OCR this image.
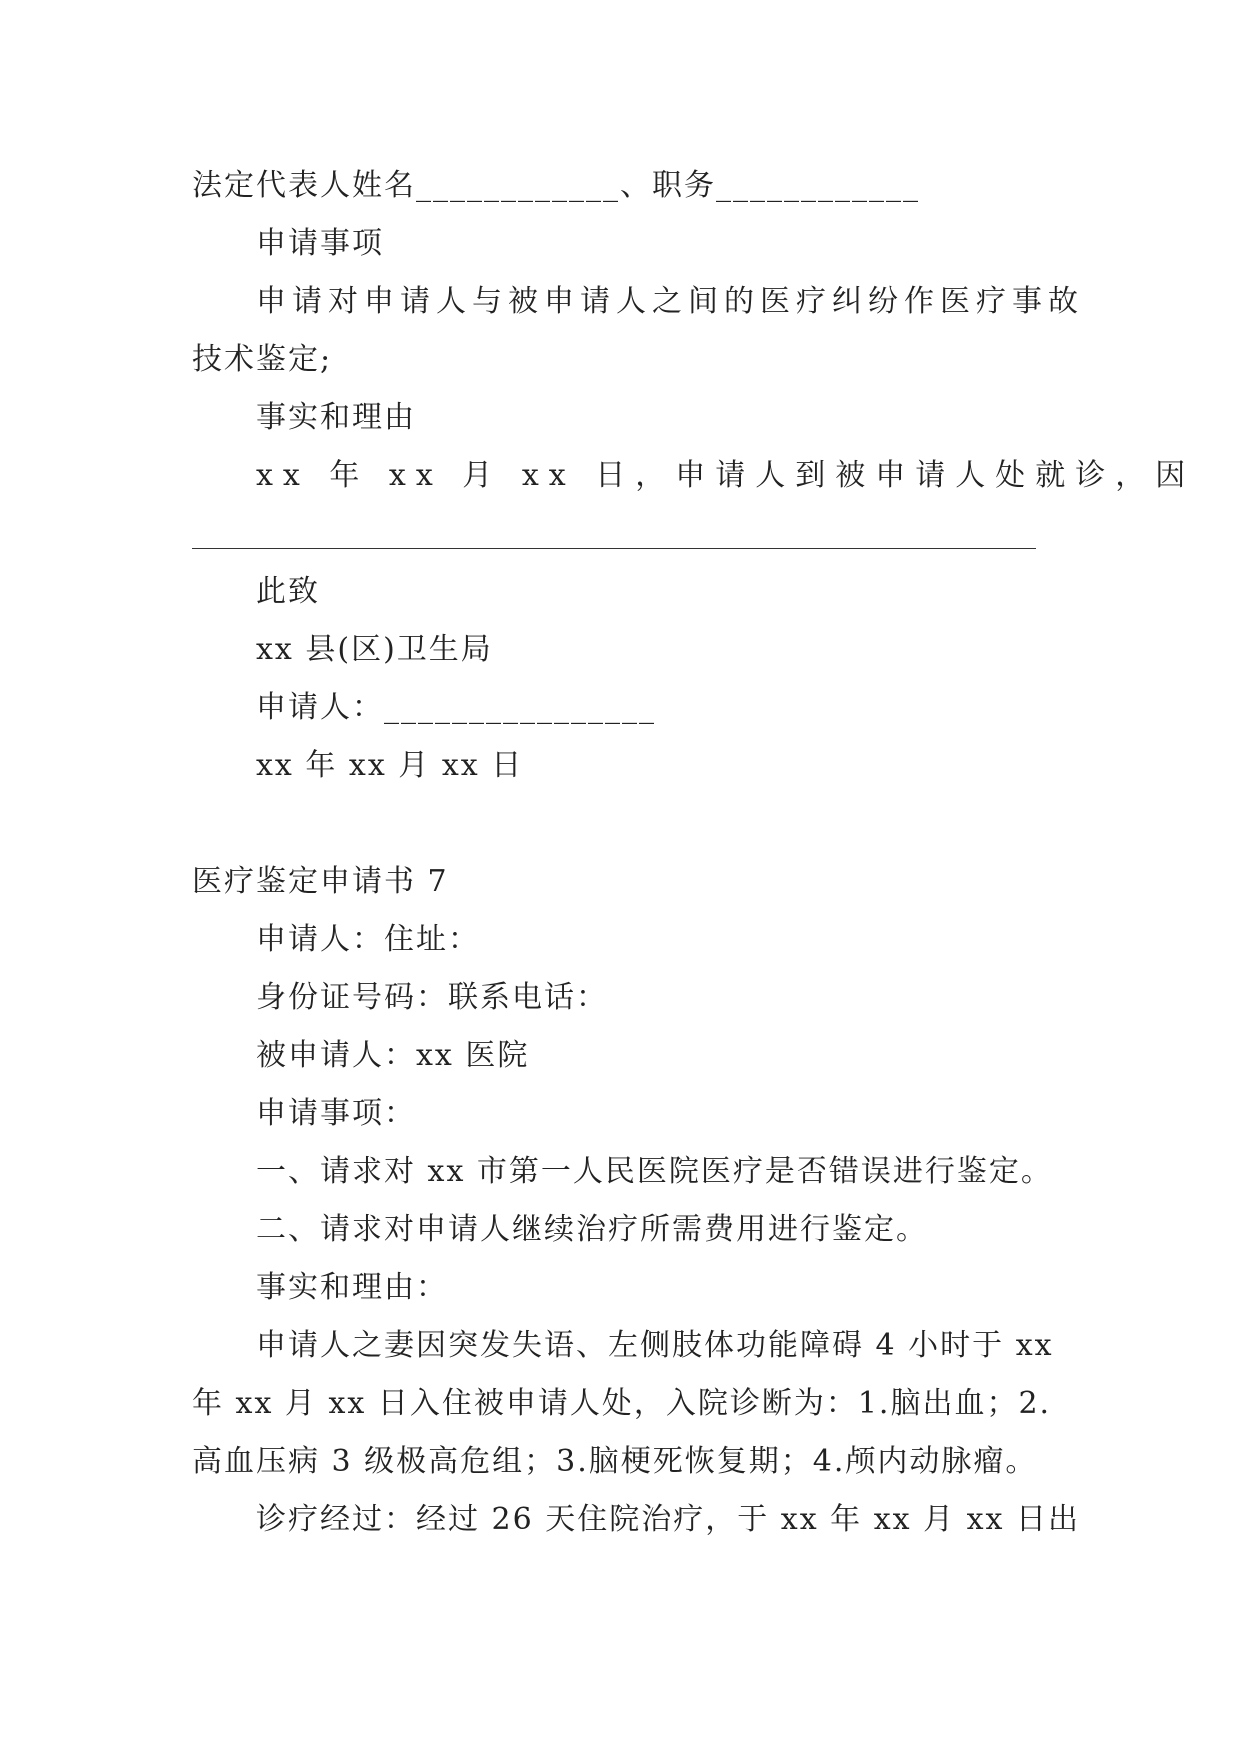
法定代表人姓名____________、职务____________
申请事项
申请对申请人与被申请人之间的医疗纠纷作医疗事故
技术鉴定;
事实和理由
xx 年 xx 月 xx 日，申请人到被申请人处就诊，因
此致
xx 县(区)卫生局
申请人：________________
xx 年 xx 月 xx 日
医疗鉴定申请书 7
申请人：住址：
身份证号码：联系电话：
被申请人：xx 医院
申请事项：
一、请求对 xx 市第一人民医院医疗是否错误进行鉴定。
二、请求对申请人继续治疗所需费用进行鉴定。
事实和理由：
申请人之妻因突发失语、左侧肢体功能障碍 4 小时于 xx
年 xx 月 xx 日入住被申请人处，入院诊断为：1.脑出血；2.
高血压病 3 级极高危组；3.脑梗死恢复期；4.颅内动脉瘤。
诊疗经过：经过 26 天住院治疗，于 xx 年 xx 月 xx 日出
